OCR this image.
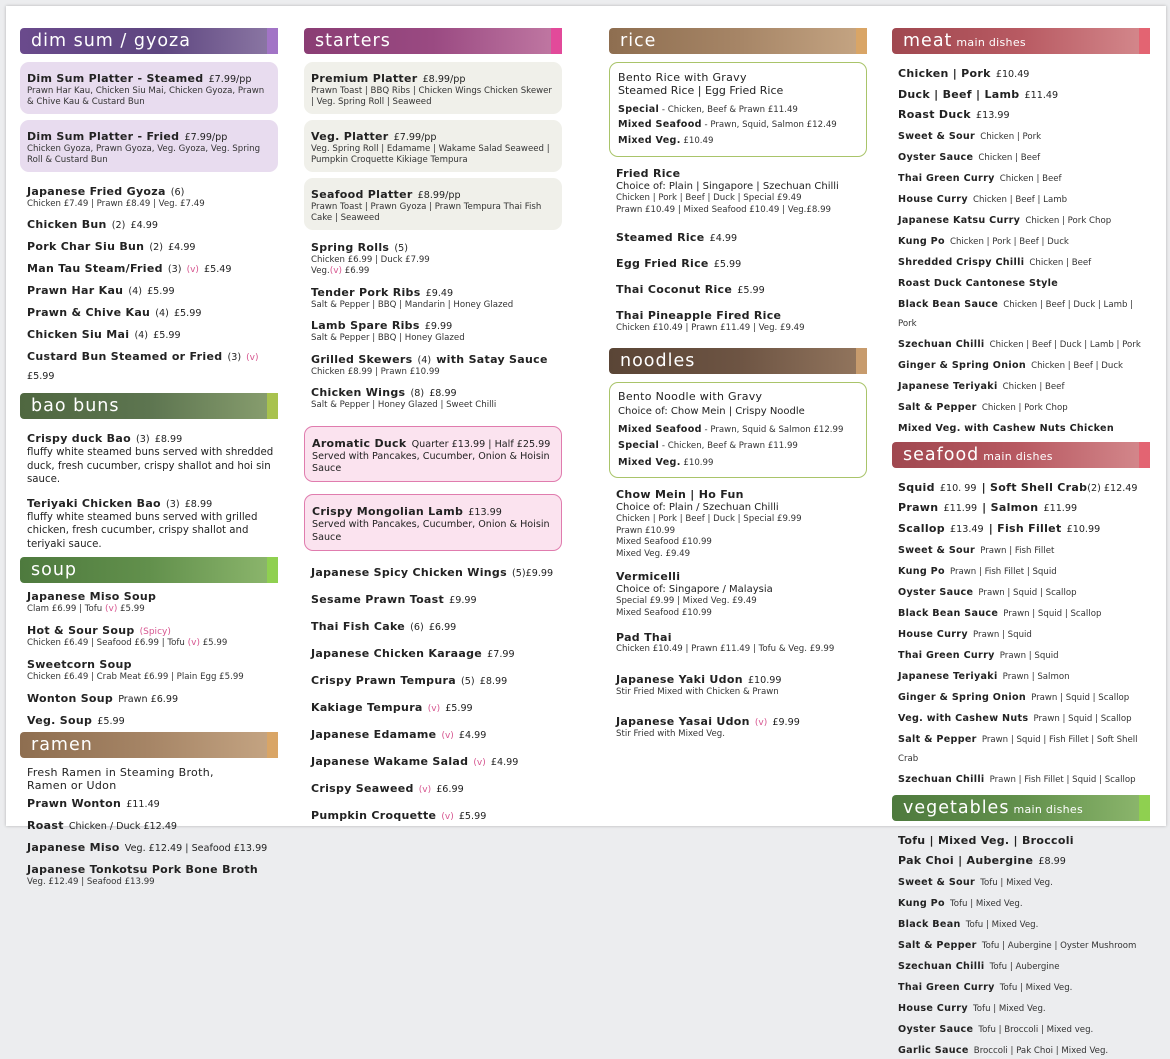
dim sum / gyoza
Dim Sum Platter - Steamed £7.99/pp
Prawn Har Kau, Chicken Siu Mai, Chicken Gyoza, Prawn & Chive Kau & Custard Bun
Dim Sum Platter - Fried £7.99/pp
Chicken Gyoza, Prawn Gyoza, Veg. Gyoza, Veg. Spring Roll & Custard Bun
Japanese Fried Gyoza (6)
Chicken £7.49 | Prawn £8.49 | Veg. £7.49
Chicken Bun (2) £4.99
Pork Char Siu Bun (2) £4.99
Man Tau Steam/Fried (3) (v) £5.49
Prawn Har Kau (4) £5.99
Prawn & Chive Kau (4) £5.99
Chicken Siu Mai (4) £5.99
Custard Bun Steamed or Fried (3) (v) £5.99
bao buns
Crispy duck Bao (3) £8.99
fluffy white steamed buns served with shredded duck, fresh cucumber, crispy shallot and hoi sin sauce.
Teriyaki Chicken Bao (3) £8.99
fluffy white steamed buns served with grilled chicken, fresh cucumber, crispy shallot and teriyaki sauce.
soup
Japanese Miso Soup
Clam £6.99 | Tofu (v) £5.99
Hot & Sour Soup (Spicy)
Chicken £6.49 | Seafood £6.99 | Tofu (v) £5.99
Sweetcorn Soup
Chicken £6.49 | Crab Meat £6.99 | Plain Egg £5.99
Wonton Soup Prawn £6.99
Veg. Soup £5.99
ramen
Fresh Ramen in Steaming Broth,
Ramen or Udon
Prawn Wonton £11.49
Roast Chicken / Duck £12.49
Japanese Miso Veg. £12.49 | Seafood £13.99
Japanese Tonkotsu Pork Bone Broth
Veg. £12.49 | Seafood £13.99
starters
Premium Platter £8.99/pp
Prawn Toast | BBQ Ribs | Chicken Wings Chicken Skewer | Veg. Spring Roll | Seaweed
Veg. Platter £7.99/pp
Veg. Spring Roll | Edamame | Wakame Salad Seaweed | Pumpkin Croquette Kikiage Tempura
Seafood Platter £8.99/pp
Prawn Toast | Prawn Gyoza | Prawn Tempura Thai Fish Cake | Seaweed
Spring Rolls (5)
Chicken £6.99 | Duck £7.99
Veg.(v) £6.99
Tender Pork Ribs £9.49
Salt & Pepper | BBQ | Mandarin | Honey Glazed
Lamb Spare Ribs £9.99
Salt & Pepper | BBQ | Honey Glazed
Grilled Skewers (4) with Satay Sauce
Chicken £8.99 | Prawn £10.99
Chicken Wings (8) £8.99
Salt & Pepper | Honey Glazed | Sweet Chilli
Aromatic Duck Quarter £13.99 | Half £25.99
Served with Pancakes, Cucumber, Onion & Hoisin Sauce
Crispy Mongolian Lamb £13.99
Served with Pancakes, Cucumber, Onion & Hoisin Sauce
Japanese Spicy Chicken Wings (5)£9.99
Sesame Prawn Toast £9.99
Thai Fish Cake (6) £6.99
Japanese Chicken Karaage £7.99
Crispy Prawn Tempura (5) £8.99
Kakiage Tempura (v) £5.99
Japanese Edamame (v) £4.99
Japanese Wakame Salad (v) £4.99
Crispy Seaweed (v) £6.99
Pumpkin Croquette (v) £5.99
rice
Bento Rice with Gravy
Steamed Rice | Egg Fried Rice
Special - Chicken, Beef & Prawn £11.49
Mixed Seafood - Prawn, Squid, Salmon £12.49
Mixed Veg. £10.49
Fried Rice
Choice of: Plain | Singapore | Szechuan Chilli
Chicken | Pork | Beef | Duck | Special £9.49
Prawn £10.49 | Mixed Seafood £10.49 | Veg.£8.99
Steamed Rice £4.99
Egg Fried Rice £5.99
Thai Coconut Rice £5.99
Thai Pineapple Fired Rice
Chicken £10.49 | Prawn £11.49 | Veg. £9.49
noodles
Bento Noodle with Gravy
Choice of: Chow Mein | Crispy Noodle
Mixed Seafood - Prawn, Squid & Salmon £12.99
Special - Chicken, Beef & Prawn £11.99
Mixed Veg. £10.99
Chow Mein | Ho Fun
Choice of: Plain / Szechuan Chilli
Chicken | Pork | Beef | Duck | Special £9.99
Prawn £10.99
Mixed Seafood £10.99
Mixed Veg. £9.49
Vermicelli
Choice of: Singapore / Malaysia
Special £9.99 | Mixed Veg. £9.49
Mixed Seafood £10.99
Pad Thai
Chicken £10.49 | Prawn £11.49 | Tofu & Veg. £9.99
Japanese Yaki Udon £10.99
Stir Fried Mixed with Chicken & Prawn
Japanese Yasai Udon (v) £9.99
Stir Fried with Mixed Veg.
meat main dishes
Chicken | Pork £10.49
Duck | Beef | Lamb £11.49
Roast Duck £13.99
Sweet & Sour Chicken | Pork
Oyster Sauce Chicken | Beef
Thai Green Curry Chicken | Beef
House Curry Chicken | Beef | Lamb
Japanese Katsu Curry Chicken | Pork Chop
Kung Po Chicken | Pork | Beef | Duck
Shredded Crispy Chilli Chicken | Beef
Roast Duck Cantonese Style
Black Bean Sauce Chicken | Beef | Duck | Lamb | Pork
Szechuan Chilli Chicken | Beef | Duck | Lamb | Pork
Ginger & Spring Onion Chicken | Beef | Duck
Japanese Teriyaki Chicken | Beef
Salt & Pepper Chicken | Pork Chop
Mixed Veg. with Cashew Nuts Chicken
seafood main dishes
Squid £10. 99 | Soft Shell Crab(2) £12.49
Prawn £11.99 | Salmon £11.99
Scallop £13.49 | Fish Fillet £10.99
Sweet & Sour Prawn | Fish Fillet
Kung Po Prawn | Fish Fillet | Squid
Oyster Sauce Prawn | Squid | Scallop
Black Bean Sauce Prawn | Squid | Scallop
House Curry Prawn | Squid
Thai Green Curry Prawn | Squid
Japanese Teriyaki Prawn | Salmon
Ginger & Spring Onion Prawn | Squid | Scallop
Veg. with Cashew Nuts Prawn | Squid | Scallop
Salt & Pepper Prawn | Squid | Fish Fillet | Soft Shell Crab
Szechuan Chilli Prawn | Fish Fillet | Squid | Scallop
vegetables main dishes
Tofu | Mixed Veg. | Broccoli
Pak Choi | Aubergine £8.99
Sweet & Sour Tofu | Mixed Veg.
Kung Po Tofu | Mixed Veg.
Black Bean Tofu | Mixed Veg.
Salt & Pepper Tofu | Aubergine | Oyster Mushroom
Szechuan Chilli Tofu | Aubergine
Thai Green Curry Tofu | Mixed Veg.
House Curry Tofu | Mixed Veg.
Oyster Sauce Tofu | Broccoli | Mixed veg.
Garlic Sauce Broccoli | Pak Choi | Mixed Veg.
